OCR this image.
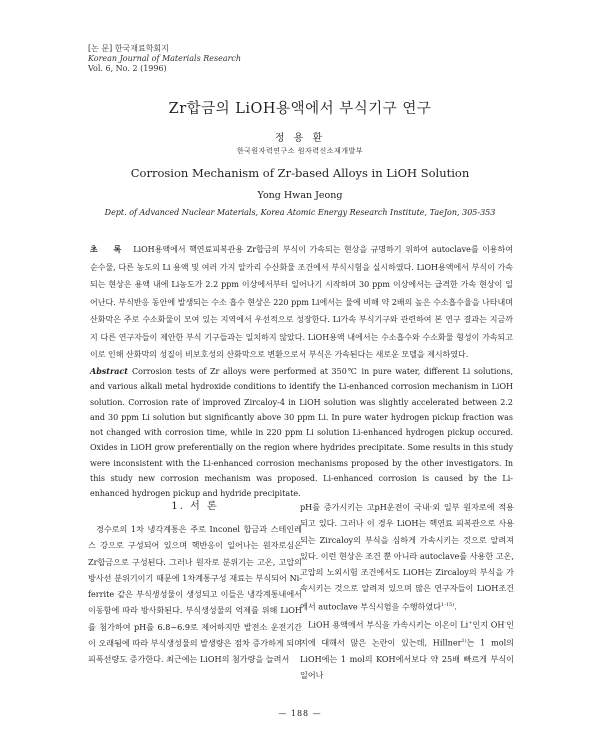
[논 문] 한국재료학회지
Korean Journal of Materials Research
Vol. 6, No. 2 (1996)
Zr합금의 LiOH용액에서 부식기구 연구
정 용 환
한국원자력연구소 원자력신소재개발부
Corrosion Mechanism of Zr-based Alloys in LiOH Solution
Yong Hwan Jeong
Dept. of Advanced Nuclear Materials, Korea Atomic Energy Research Institute, TaeJon, 305-353
초 록 LiOH용액에서 핵연료피복관용 Zr합금의 부식이 가속되는 현상을 규명하기 위하여 autoclave를 이용하여 순수물, 다른 농도의 Li 용액 및 여러 가지 알카리 수산화물 조건에서 부식시험을 실시하였다. LiOH용액에서 부식이 가속되는 현상은 용액 내에 Li농도가 2.2 ppm 이상에서부터 일어나기 시작하며 30 ppm 이상에서는 급격한 가속 현상이 일어난다. 부식반응 동안에 발생되는 수소 흡수 현상은 220 ppm Li에서는 물에 비해 약 2배의 높은 수소흡수율을 나타내며 산화막은 주로 수소화물이 모여 있는 지역에서 우선적으로 성장한다. Li가속 부식기구와 관련하여 본 연구 결과는 지금까지 다른 연구자들이 제안한 부식 기구들과는 일치하지 않았다. LiOH용액 내에서는 수소흡수와 수소화물 형성이 가속되고 이로 인해 산화막의 성질이 비보호성의 산화막으로 변환으로서 부식은 가속된다는 새로운 모델을 제시하였다.
Abstract Corrosion tests of Zr alloys were performed at 350℃ in pure water, different Li solutions, and various alkali metal hydroxide conditions to identify the Li-enhanced corrosion mechanism in LiOH solution. Corrosion rate of improved Zircaloy-4 in LiOH solution was slightly accelerated between 2.2 and 30 ppm Li solution but significantly above 30 ppm Li. In pure water hydrogen pickup fraction was not changed with corrosion time, while in 220 ppm Li solution Li-enhanced hydrogen pickup occured. Oxides in LiOH grow preferentially on the region where hydrides precipitate. Some results in this study were inconsistent with the Li-enhanced corrosion mechanisms proposed by the other investigators. In this study new corrosion mechanism was proposed. Li-enhanced corrosion is caused by the Li-enhanced hydrogen pickup and hydride precipitate.
1. 서 론

경수로의 1차 냉각계통은 주로 Inconel 합금과 스테인레스 강으로 구성되어 있으며 핵반응이 일어나는 원자로심은 Zr합금으로 구성된다. 그러나 원자로 분위기는 고온, 고압의 방사선 분위기이기 때문에 1차계통구성 재료는 부식되어 Ni-ferrite 같은 부식생성물이 생성되고 이들은 냉각계통내에서 이동함에 따라 방사화된다. 부식생성물의 억제를 위해 LiOH를 첨가하여 pH를 6.8~6.9로 제어하지만 발전소 운전기간이 오래됨에 따라 부식생성물의 발생량은 점차 증가하게 되며 피폭선량도 증가한다. 최근에는 LiOH의 첨가량을 늘려서

pH를 증가시키는 고pH운전이 국내·외 일부 원자로에 적용되고 있다. 그러나 이 경우 LiOH는 핵연료 피복관으로 사용되는 Zircaloy의 부식을 심하게 가속시키는 것으로 알려져 있다. 이런 현상은 조건 뿐 아니라 autoclave를 사용한 고온, 고압의 노외시험 조건에서도 LiOH는 Zircaloy의 부식을 가속시키는 것으로 알려져 있으며 많은 연구자들이 LiOH조건에서 autoclave 부식시험을 수행하였다$^{1-15)}$.

LiOH 용액에서 부식을 가속시키는 이온이 Li+인지 OH-인지에 대해서 많은 논란이 있는데, Hillner$^{1)}$는 1 mol의 LiOH에는 1 mol의 KOH에서보다 약 25배 빠르게 부식이 일어나

— 188 —
